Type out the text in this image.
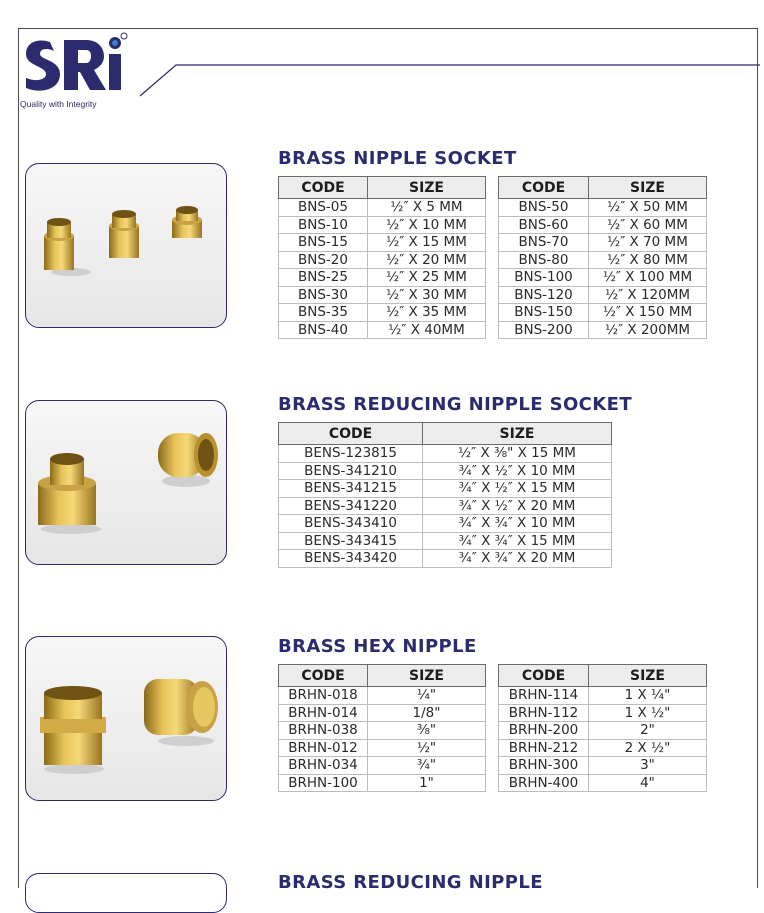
Quality with Integrity
BRASS NIPPLE SOCKET
CODE	SIZE
BNS-05	½″ X 5 MM
BNS-10	½″ X 10 MM
BNS-15	½″ X 15 MM
BNS-20	½″ X 20 MM
BNS-25	½″ X 25 MM
BNS-30	½″ X 30 MM
BNS-35	½″ X 35 MM
BNS-40	½″ X 40MM
CODE	SIZE
BNS-50	½″ X 50 MM
BNS-60	½″ X 60 MM
BNS-70	½″ X 70 MM
BNS-80	½″ X 80 MM
BNS-100	½″ X 100 MM
BNS-120	½″ X 120MM
BNS-150	½″ X 150 MM
BNS-200	½″ X 200MM
BRASS REDUCING NIPPLE SOCKET
CODE	SIZE
BENS-123815	½″ X ⅜" X 15 MM
BENS-341210	¾″ X ½″ X 10 MM
BENS-341215	¾″ X ½″ X 15 MM
BENS-341220	¾″ X ½″ X 20 MM
BENS-343410	¾″ X ¾″ X 10 MM
BENS-343415	¾″ X ¾″ X 15 MM
BENS-343420	¾″ X ¾″ X 20 MM
BRASS HEX NIPPLE
CODE	SIZE
BRHN-018	¼"
BRHN-014	1/8"
BRHN-038	⅜"
BRHN-012	½"
BRHN-034	¾"
BRHN-100	1"
CODE	SIZE
BRHN-114	1 X ¼"
BRHN-112	1 X ½"
BRHN-200	2"
BRHN-212	2 X ½"
BRHN-300	3"
BRHN-400	4"
BRASS REDUCING NIPPLE
